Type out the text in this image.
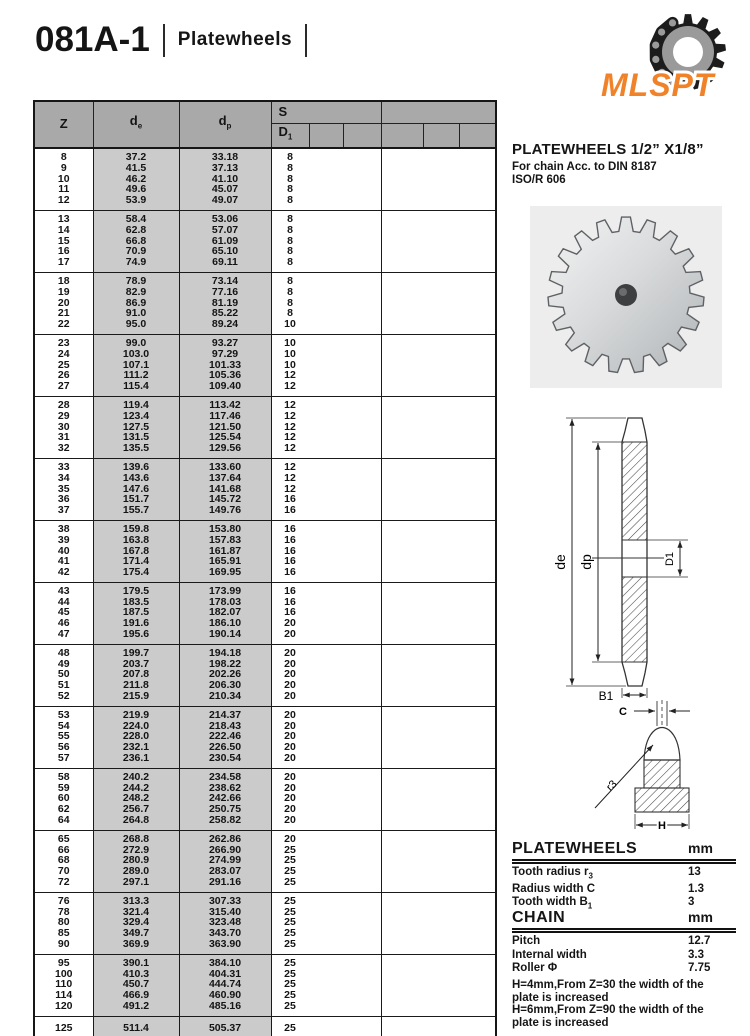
081A-1 Platewheels
MLSPT
Z	$d_e$	$d_p$	S					
			$D_1$					
8	37.2	33.18	8					
9	41.5	37.13	8					
10	46.2	41.10	8					
11	49.6	45.07	8					
12	53.9	49.07	8					
13	58.4	53.06	8					
14	62.8	57.07	8					
15	66.8	61.09	8					
16	70.9	65.10	8					
17	74.9	69.11	8					
18	78.9	73.14	8					
19	82.9	77.16	8					
20	86.9	81.19	8					
21	91.0	85.22	8					
22	95.0	89.24	10					
23	99.0	93.27	10					
24	103.0	97.29	10					
25	107.1	101.33	10					
26	111.2	105.36	12					
27	115.4	109.40	12					
28	119.4	113.42	12					
29	123.4	117.46	12					
30	127.5	121.50	12					
31	131.5	125.54	12					
32	135.5	129.56	12					
33	139.6	133.60	12					
34	143.6	137.64	12					
35	147.6	141.68	12					
36	151.7	145.72	16					
37	155.7	149.76	16					
38	159.8	153.80	16					
39	163.8	157.83	16					
40	167.8	161.87	16					
41	171.4	165.91	16					
42	175.4	169.95	16					
43	179.5	173.99	16					
44	183.5	178.03	16					
45	187.5	182.07	16					
46	191.6	186.10	20					
47	195.6	190.14	20					
48	199.7	194.18	20					
49	203.7	198.22	20					
50	207.8	202.26	20					
51	211.8	206.30	20					
52	215.9	210.34	20					
53	219.9	214.37	20					
54	224.0	218.43	20					
55	228.0	222.46	20					
56	232.1	226.50	20					
57	236.1	230.54	20					
58	240.2	234.58	20					
59	244.2	238.62	20					
60	248.2	242.66	20					
62	256.7	250.75	20					
64	264.8	258.82	20					
65	268.8	262.86	20					
66	272.9	266.90	25					
68	280.9	274.99	25					
70	289.0	283.07	25					
72	297.1	291.16	25					
76	313.3	307.33	25					
78	321.4	315.40	25					
80	329.4	323.48	25					
85	349.7	343.70	25					
90	369.9	363.90	25					
95	390.1	384.10	25					
100	410.3	404.31	25					
110	450.7	444.74	25					
114	466.9	460.90	25					
120	491.2	485.16	25					
125	511.4	505.37	25					
PLATEWHEELS 1/2” X1/8”
For chain Acc. to DIN 8187
ISO/R 606
de dp	D1
B1
C
r3
H
PLATEWHEELS	mm
Tooth radius $r_3$	13
Radius width C	1.3
Tooth width $B_1$	3
CHAIN	mm
Pitch	12.7
Internal width	3.3
Roller Φ	7.75
H=4mm,From Z=30 the width of the plate is increased
H=6mm,From Z=90 the width of the plate is increased
